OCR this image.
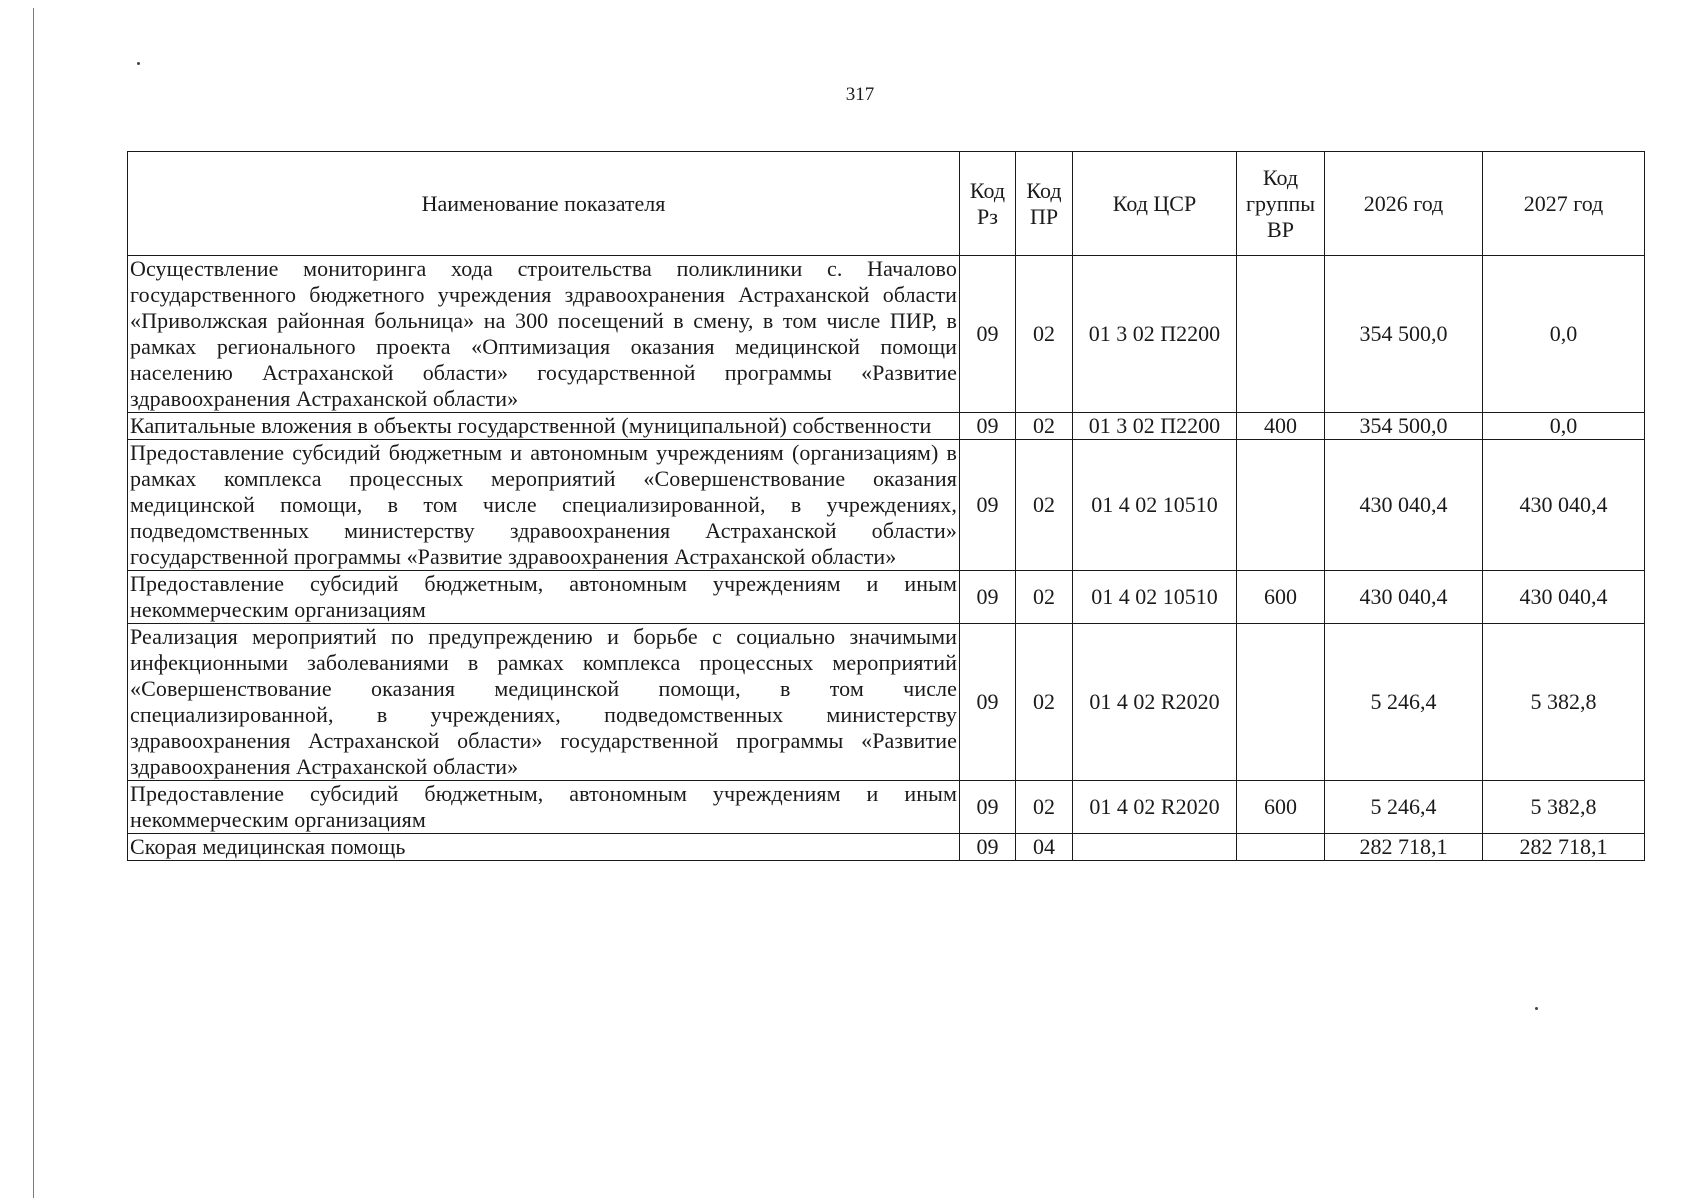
317
Наименование показателя	Код Рз	Код ПР	Код ЦСР	Код группы ВР	2026 год	2027 год
Осуществление мониторинга хода строительства поликлиники с. Началово государственного бюджетного учреждения здравоохранения Астраханской области «Приволжская районная больница» на 300 посещений в смену, в том числе ПИР, в рамках регионального проекта «Оптимизация оказания медицинской помощи населению Астраханской области» государственной программы «Развитие здравоохранения Астраханской области»	09	02	01 3 02 П2200		354 500,0	0,0
Капитальные вложения в объекты государственной (муниципальной) собственности	09	02	01 3 02 П2200	400	354 500,0	0,0
Предоставление субсидий бюджетным и автономным учреждениям (организациям) в рамках комплекса процессных мероприятий «Совершенствование оказания медицинской помощи, в том числе специализированной, в учреждениях, подведомственных министерству здравоохранения Астраханской области» государственной программы «Развитие здравоохранения Астраханской области»	09	02	01 4 02 10510		430 040,4	430 040,4
Предоставление субсидий бюджетным, автономным учреждениям и иным некоммерческим организациям	09	02	01 4 02 10510	600	430 040,4	430 040,4
Реализация мероприятий по предупреждению и борьбе с социально значимыми инфекционными заболеваниями в рамках комплекса процессных мероприятий «Совершенствование оказания медицинской помощи, в том числе специализированной, в учреждениях, подведомственных министерству здравоохранения Астраханской области» государственной программы «Развитие здравоохранения Астраханской области»	09	02	01 4 02 R2020		5 246,4	5 382,8
Предоставление субсидий бюджетным, автономным учреждениям и иным некоммерческим организациям	09	02	01 4 02 R2020	600	5 246,4	5 382,8
Скорая медицинская помощь	09	04			282 718,1	282 718,1
